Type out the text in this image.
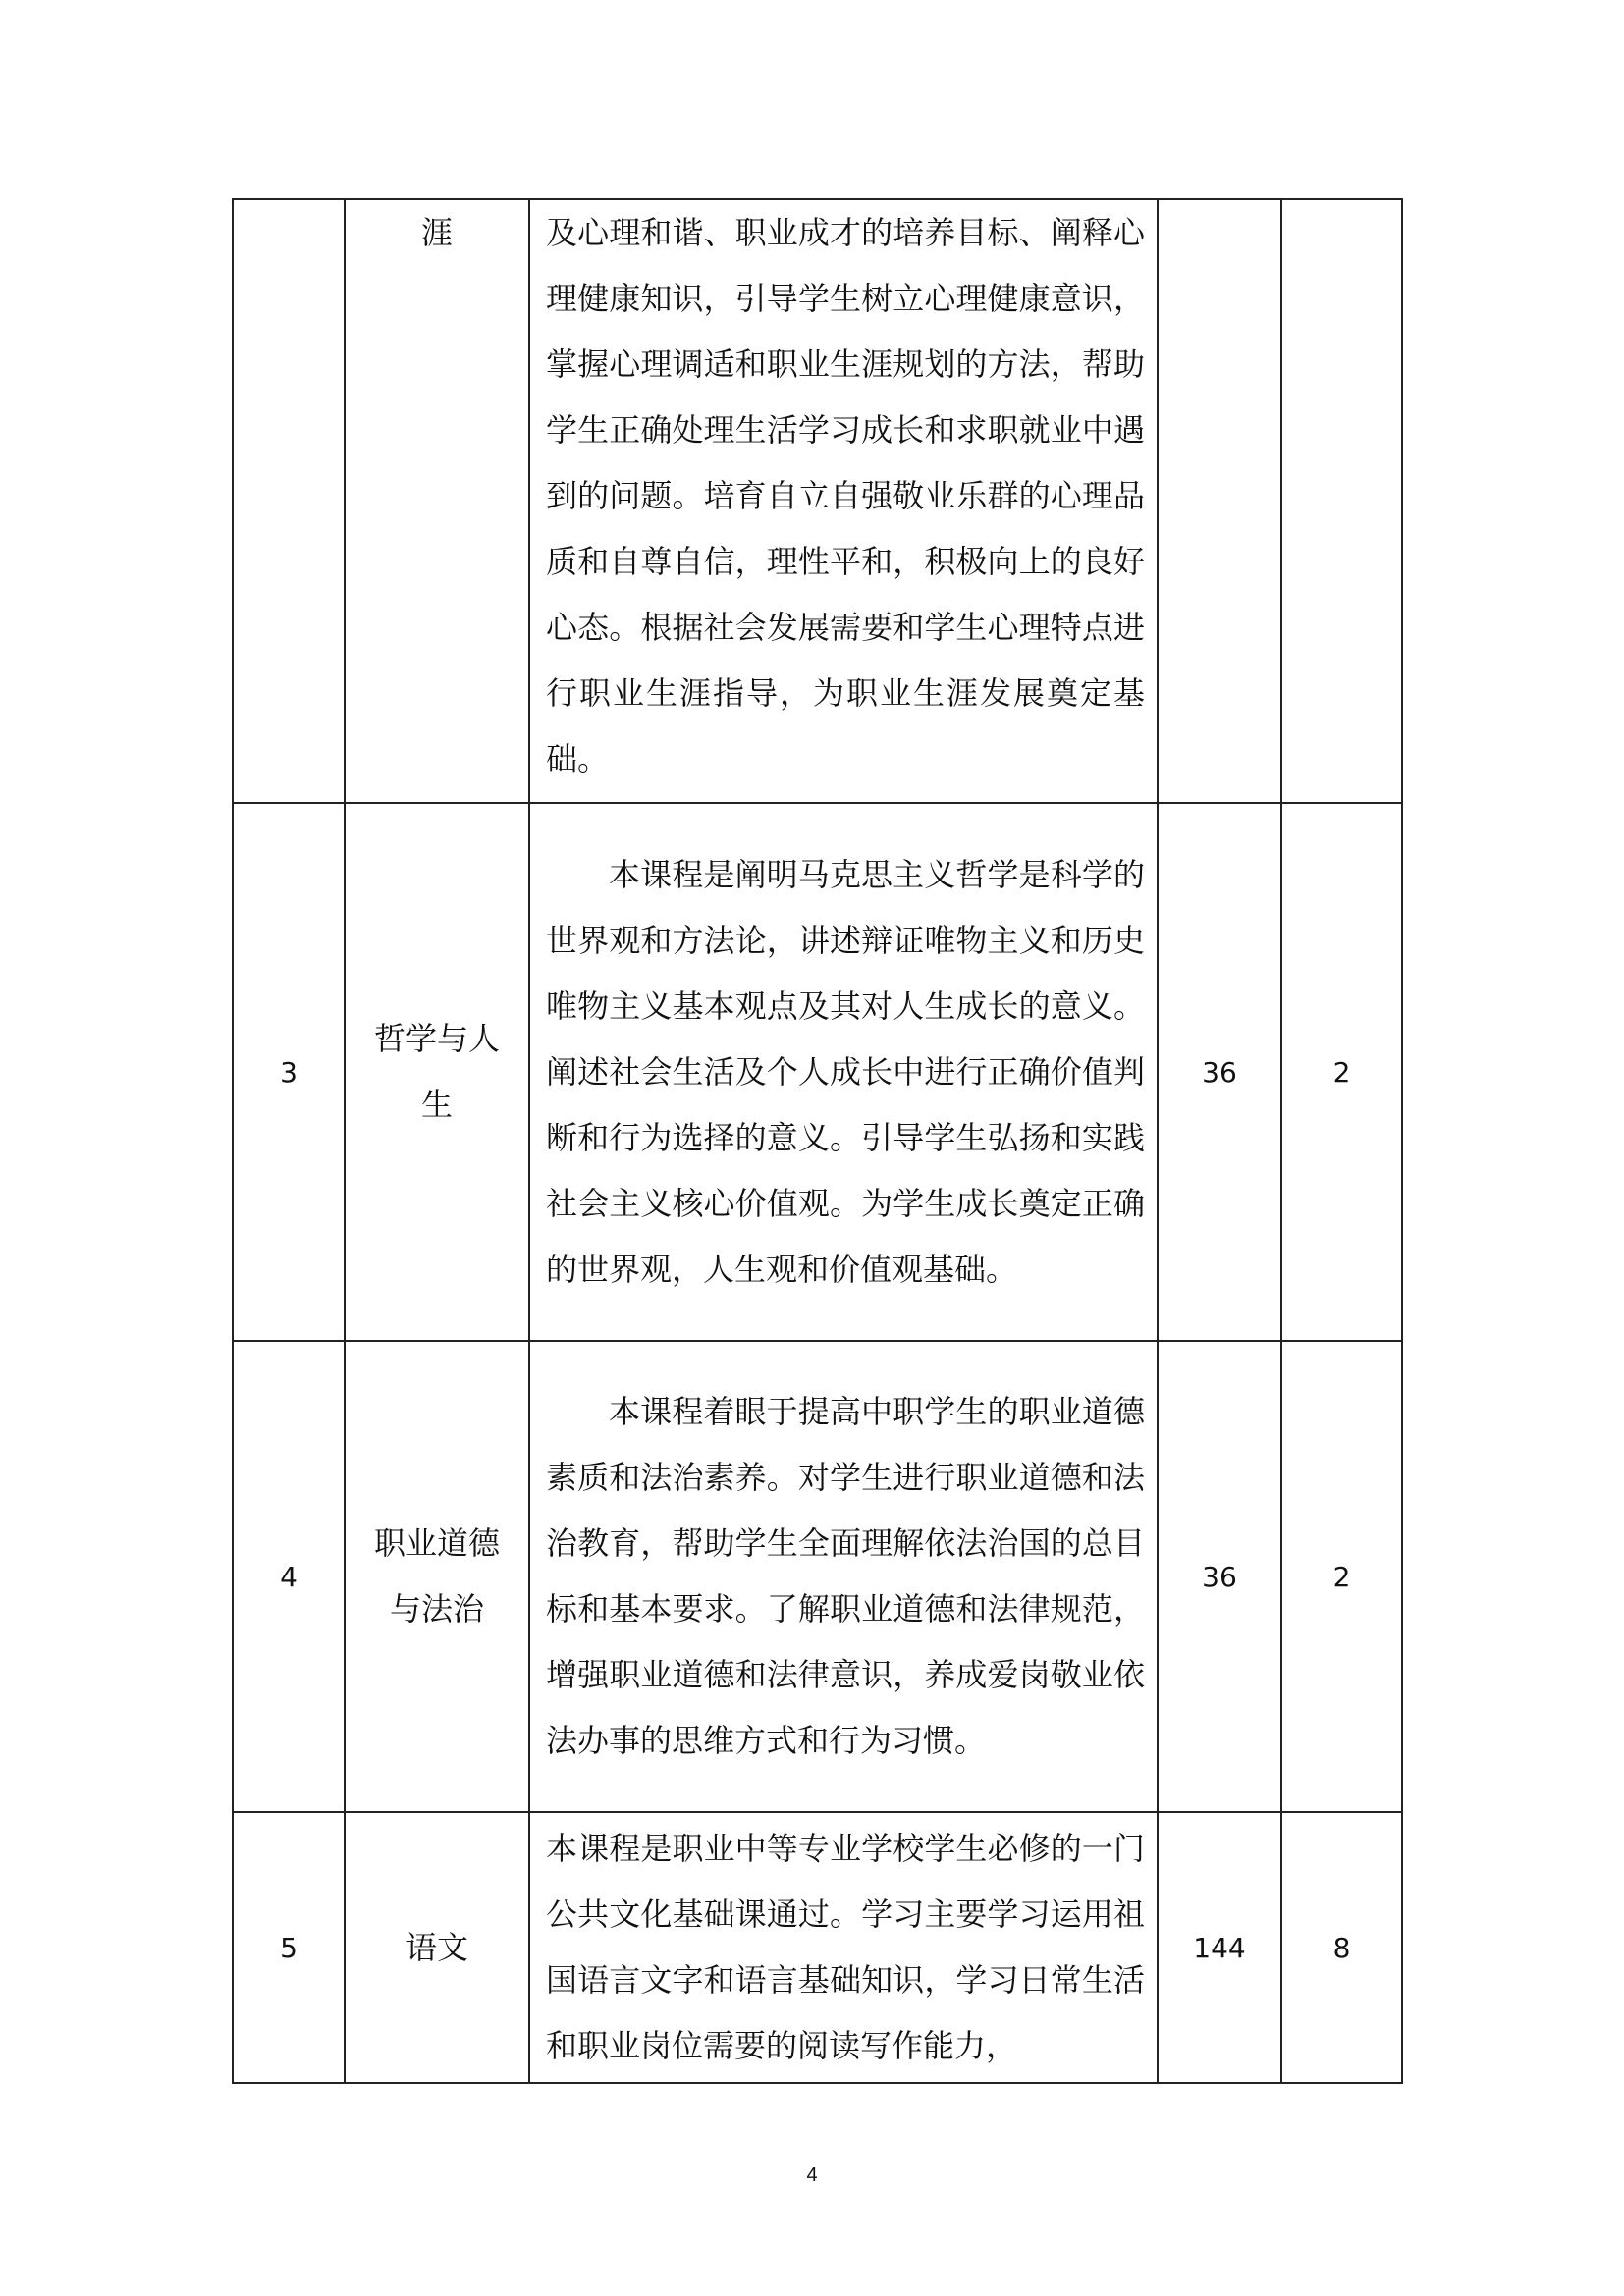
	涯	及心理和谐、职业成才的培养目标、阐释心理健康知识，引导学生树立心理健康意识，掌握心理调适和职业生涯规划的方法，帮助学生正确处理生活学习成长和求职就业中遇到的问题。培育自立自强敬业乐群的心理品质和自尊自信，理性平和，积极向上的良好心态。根据社会发展需要和学生心理特点进行职业生涯指导，为职业生涯发展奠定基础。		

3	哲学与人生	本课程是阐明马克思主义哲学是科学的世界观和方法论，讲述辩证唯物主义和历史唯物主义基本观点及其对人生成长的意义。阐述社会生活及个人成长中进行正确价值判断和行为选择的意义。引导学生弘扬和实践社会主义核心价值观。为学生成长奠定正确的世界观，人生观和价值观基础。	36	2
4	职业道德与法治	本课程着眼于提高中职学生的职业道德素质和法治素养。对学生进行职业道德和法治教育，帮助学生全面理解依法治国的总目标和基本要求。了解职业道德和法律规范，增强职业道德和法律意识，养成爱岗敬业依法办事的思维方式和行为习惯。	36	2
5	语文	本课程是职业中等专业学校学生必修的一门公共文化基础课通过。学习主要学习运用祖国语言文字和语言基础知识，学习日常生活和职业岗位需要的阅读写作能力，	144	8
4
